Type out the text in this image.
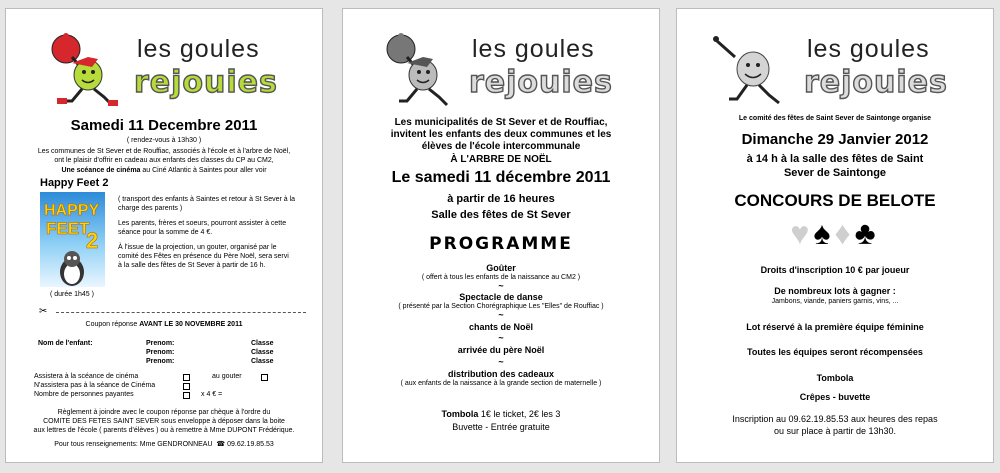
les goules
rejouies
Samedi 11 Decembre 2011
( rendez-vous à 13h30 )
Les communes de St Sever et de Rouffiac, associés à l'école et à l'arbre de Noël,
ont le plaisir d'offrir en cadeau aux enfants des classes du CP au CM2,
Une scéance de cinéma au Ciné Atlantic à Saintes pour aller voir
Happy Feet 2
HAPPY
FEET
2
( durée 1h45 )
( transport des enfants à Saintes et retour à St Sever à la
charge des parents )
Les parents, frères et soeurs, pourront assister à cette
séance pour la somme de 4 €.
À l'issue de la projection, un gouter, organisé par le
comité des Fêtes en présence du Père Noël, sera servi
à la salle des fêtes de St Sever à partir de 16 h.
✂
Coupon réponse AVANT LE 30 NOVEMBRE 2011
Nom de l'enfant:	Prenom:	Classe
Prenom:	Classe
Prenom:	Classe
Assistera à la scéance de cinéma	au gouter
N'assistera pas à la séance de Cinéma
Nombre de personnes payantes	x 4 € =
Règlement à joindre avec le coupon réponse par chèque à l'ordre du
COMITE DES FETES SAINT SEVER sous enveloppe à déposer dans la boite
aux lettres de l'école ( parents d'élèves ) ou à remettre à Mme DUPONT Frédérique.
Pour tous renseignements: Mme GENDRONNEAU ☎ 09.62.19.85.53
les goules
rejouies
Les municipalités de St Sever et de Rouffiac,
invitent les enfants des deux communes et les
élèves de l'école intercommunale
À L'ARBRE DE NOËL
Le samedi 11 décembre 2011
à partir de 16 heures
Salle des fêtes de St Sever
PROGRAMME
Goûter
( offert à tous les enfants de la naissance au CM2 )
~
Spectacle de danse
( présenté par la Section Chorégraphique Les "Elles" de Rouffiac )
~
chants de Noël
~
arrivée du père Noël
~
distribution des cadeaux
( aux enfants de la naissance à la grande section de maternelle )
Tombola 1€ le ticket, 2€ les 3
Buvette - Entrée gratuite
les goules
rejouies
Le comité des fêtes de Saint Sever de Saintonge organise
Dimanche 29 Janvier 2012
à 14 h à la salle des fêtes de Saint
Sever de Saintonge
CONCOURS DE BELOTE
♥♠♦♣
Droits d'inscription 10 € par joueur
De nombreux lots à gagner :
Jambons, viande, paniers garnis, vins, ...
Lot réservé à la première équipe féminine
Toutes les équipes seront récompensées
Tombola
Crêpes - buvette
Inscription au 09.62.19.85.53 aux heures des repas
ou sur place à partir de 13h30.
